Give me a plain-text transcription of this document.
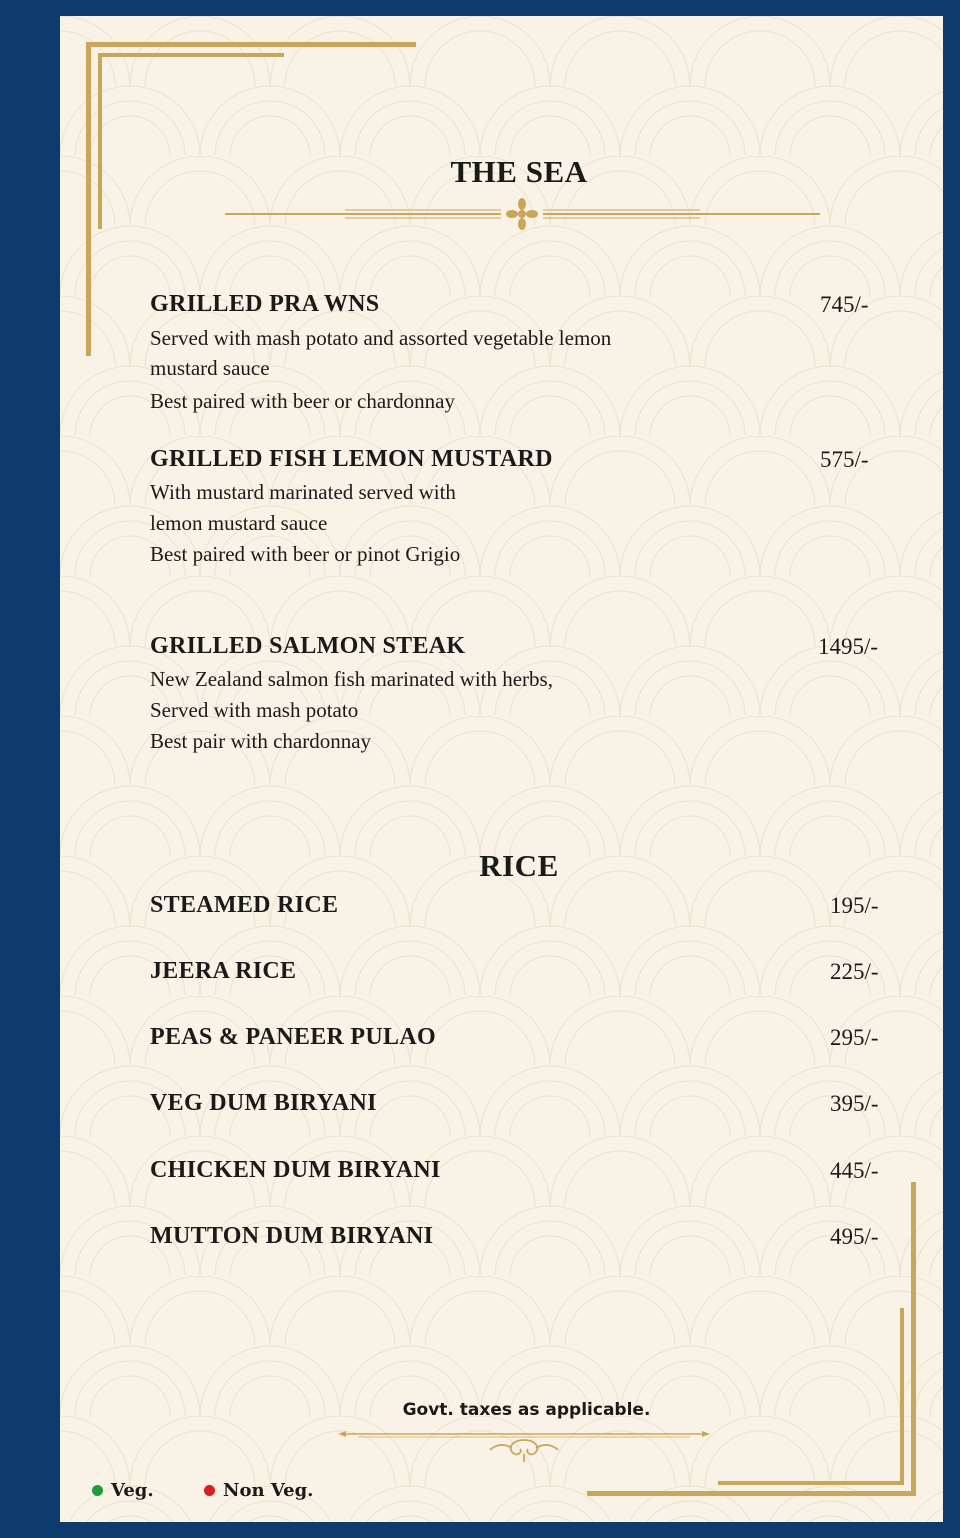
THE SEA
GRILLED PRA WNS	745/-
Served with mash potato and assorted vegetable lemon
mustard sauce
Best paired with beer or chardonnay
GRILLED FISH LEMON MUSTARD	575/-
With mustard marinated served with
lemon mustard sauce
Best paired with beer or pinot Grigio
GRILLED SALMON STEAK	1495/-
New Zealand salmon fish marinated with herbs,
Served with mash potato
Best pair with chardonnay
RICE
STEAMED RICE	195/-
JEERA RICE	225/-
PEAS & PANEER PULAO	295/-
VEG DUM BIRYANI	395/-
CHICKEN DUM BIRYANI	445/-
MUTTON DUM BIRYANI	495/-
Govt. taxes as applicable.
Veg.	Non Veg.
